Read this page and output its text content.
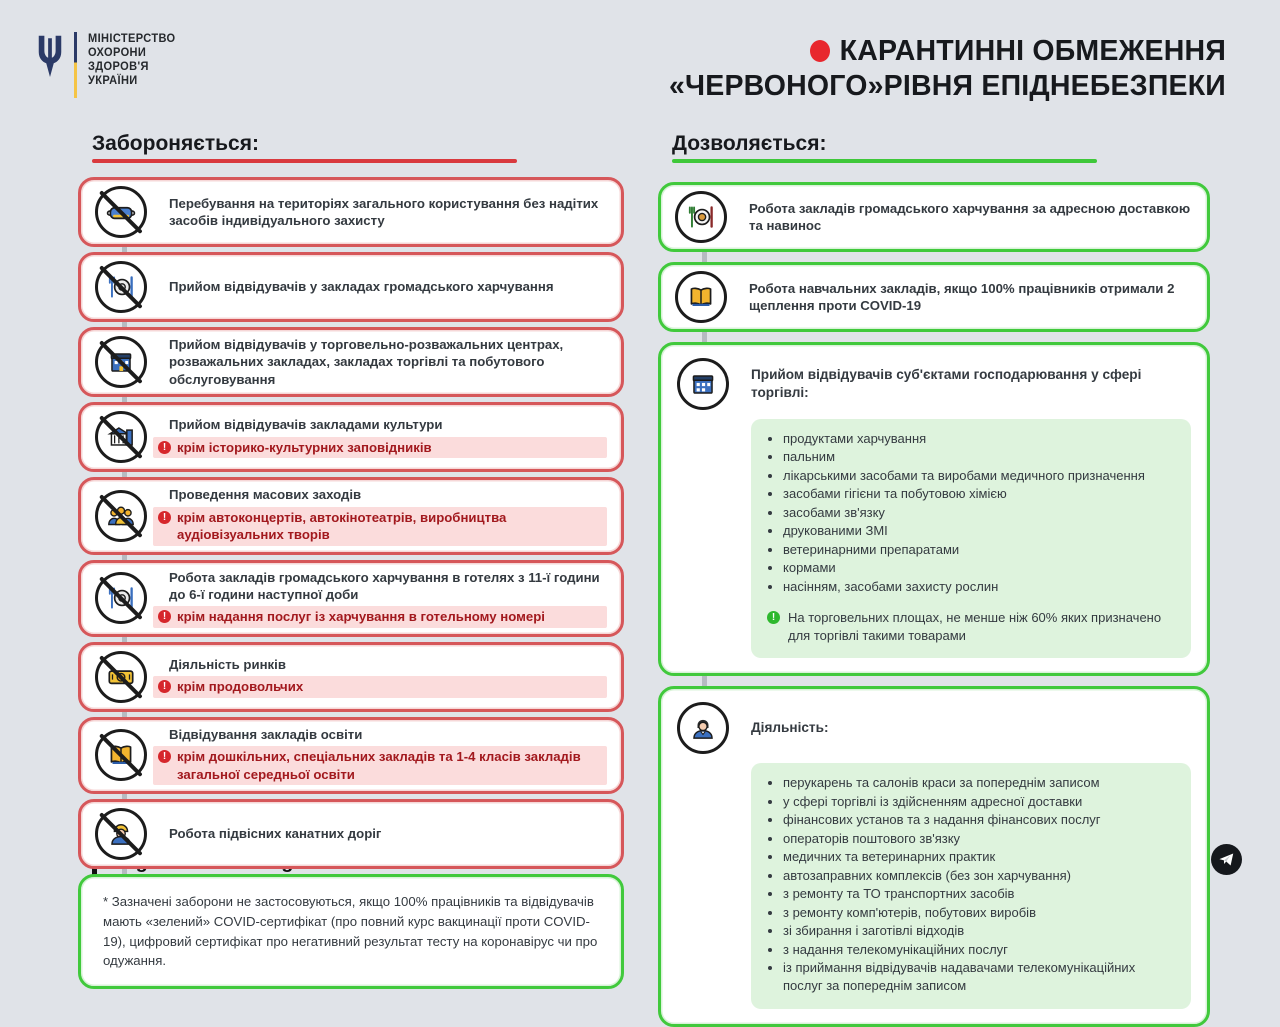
МІНІСТЕРСТВО
ОХОРОНИ
ЗДОРОВ'Я
УКРАЇНИ
КАРАНТИННІ ОБМЕЖЕННЯ
«ЧЕРВОНОГО»РІВНЯ ЕПІДНЕБЕЗПЕКИ
Забороняється:
Перебування на територіях загального користування без надітих засобів індивідуального захисту
Прийом відвідувачів у закладах громадського харчування
Прийом відвідувачів у торговельно-розважальних центрах, розважальних закладах, закладах торгівлі та побутового обслуговування
Прийом відвідувачів закладами культури
! крім історико-культурних заповідників
Проведення масових заходів
! крім автоконцертів, автокінотеатрів, виробництва аудіовізуальних творів
Робота закладів громадського харчування в готелях з 11-ї години до 6-ї години наступної доби
! крім надання послуг із харчування в готельному номері
Діяльність ринків
! крім продовольчих
Відвідування закладів освіти
! крім дошкільних, спеціальних закладів та 1-4 класів закладів загальної середньої освіти
Робота підвісних канатних доріг
* Зазначені заборони не застосовуються, якщо 100% працівників та відвідувачів мають «зелений» COVID-сертифікат (про повний курс вакцинації проти COVID-19), цифровий сертифікат про негативний результат тесту на коронавірус чи про одужання.
Дозволяється:
Робота закладів громадського харчування за адресною доставкою та навинос
Робота навчальних закладів, якщо 100% працівників отримали 2 щеплення проти COVID-19
Прийом відвідувачів суб'єктами господарювання у сфері торгівлі:
• продуктами харчування
• пальним
• лікарськими засобами та виробами медичного призначення
• засобами гігієни та побутовою хімією
• засобами зв'язку
• друкованими ЗМІ
• ветеринарними препаратами
• кормами
• насінням, засобами захисту рослин
! На торговельних площах, не менше ніж 60% яких призначено для торгівлі такими товарами
Діяльність:
• перукарень та салонів краси за попереднім записом
• у сфері торгівлі із здійсненням адресної доставки
• фінансових установ та з надання фінансових послуг
• операторів поштового зв'язку
• медичних та ветеринарних практик
• автозаправних комплексів (без зон харчування)
• з ремонту та ТО транспортних засобів
• з ремонту комп'ютерів, побутових виробів
• зі збирання і заготівлі відходів
• з надання телекомунікаційних послуг
• із приймання відвідувачів надавачами телекомунікаційних послуг за попереднім записом
